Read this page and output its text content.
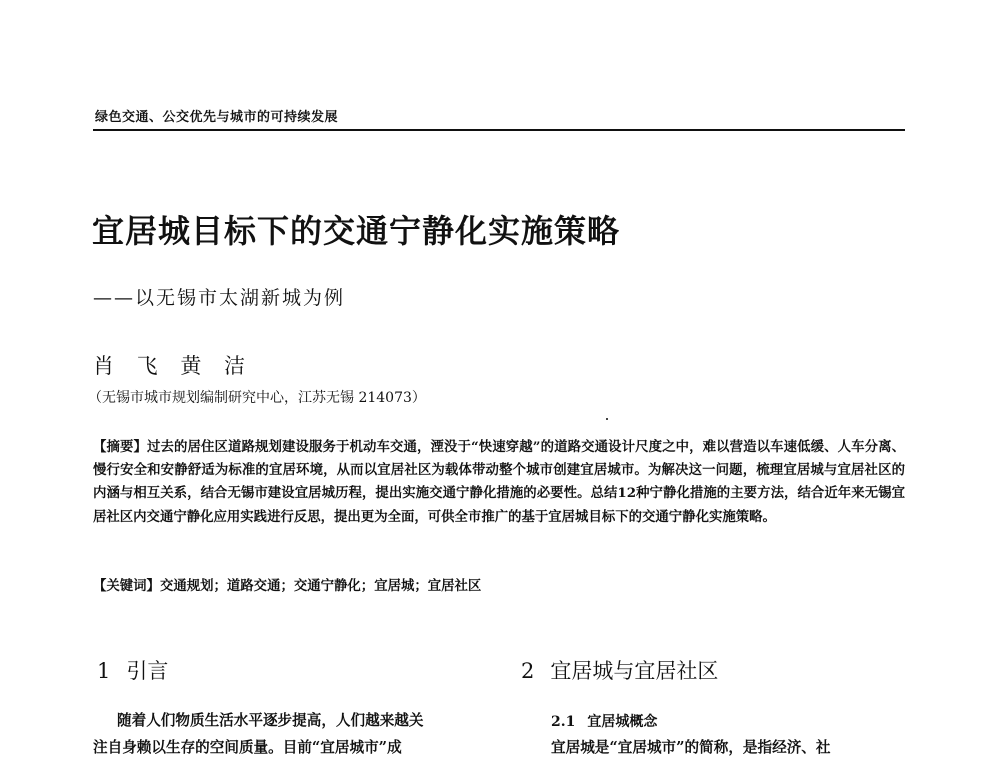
绿色交通、公交优先与城市的可持续发展
宜居城目标下的交通宁静化实施策略
——以无锡市太湖新城为例
肖 飞 黄 洁
（无锡市城市规划编制研究中心，江苏无锡 214073）
【摘要】过去的居住区道路规划建设服务于机动车交通，湮没于“快速穿越”的道路交通设计尺度之中，难以营造以车速低缓、人车分离、慢行安全和安静舒适为标准的宜居环境，从而以宜居社区为载体带动整个城市创建宜居城市。为解决这一问题，梳理宜居城与宜居社区的内涵与相互关系，结合无锡市建设宜居城历程，提出实施交通宁静化措施的必要性。总结12种宁静化措施的主要方法，结合近年来无锡宜居社区内交通宁静化应用实践进行反思，提出更为全面，可供全市推广的基于宜居城目标下的交通宁静化实施策略。
【关键词】交通规划；道路交通；交通宁静化；宜居城；宜居社区
1 引言	2 宜居城与宜居社区
随着人们物质生活水平逐步提高，人们越来越关
注自身赖以生存的空间质量。目前“宜居城市”成
2.1 宜居城概念
宜居城是“宜居城市”的简称，是指经济、社
